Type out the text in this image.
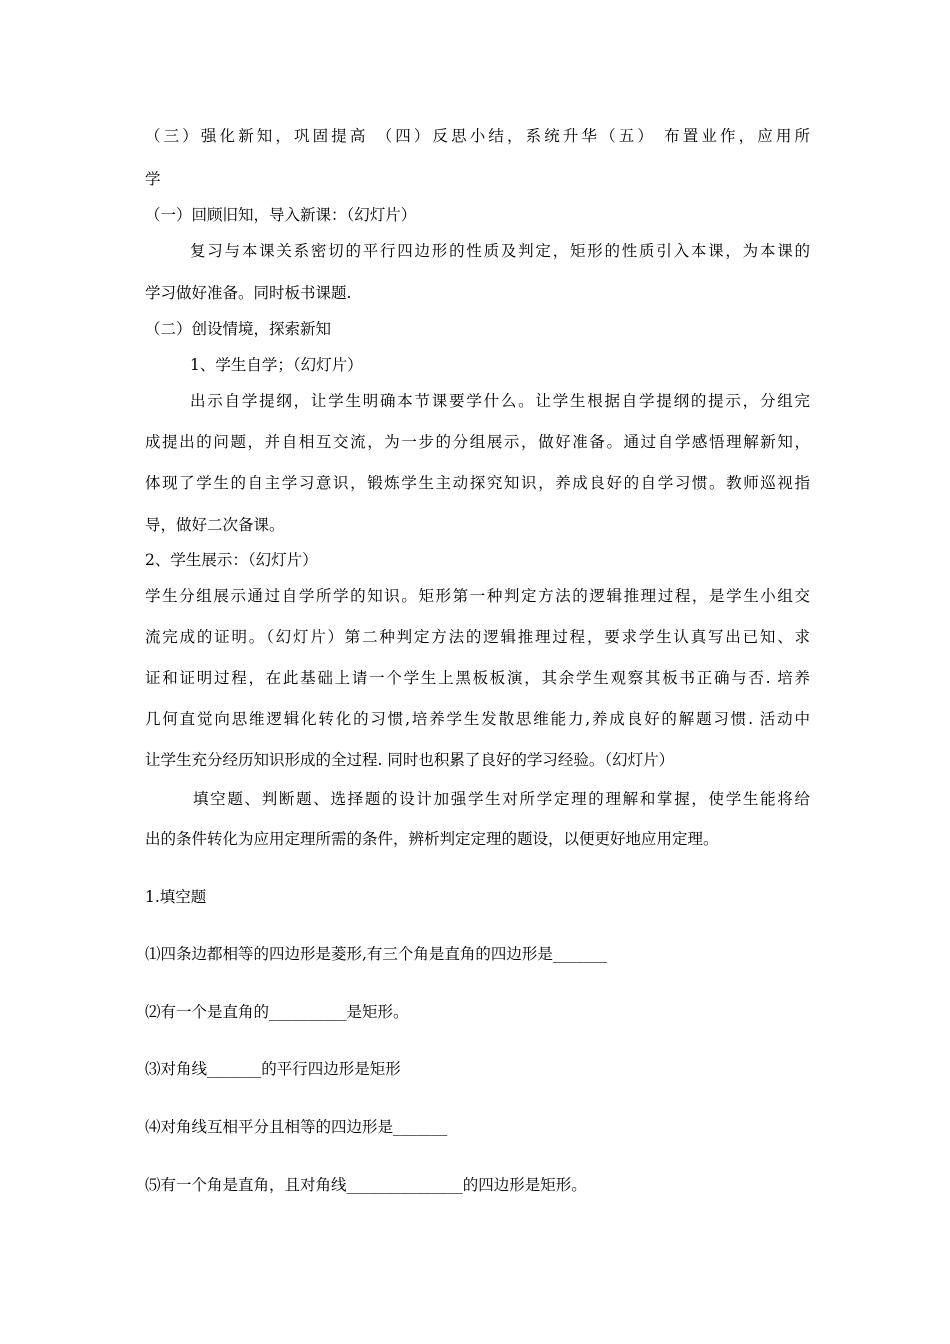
（三）强化新知，巩固提高 （四）反思小结，系统升华（五） 布置业作，应用所
学
（一）回顾旧知，导入新课：（幻灯片）
复习与本课关系密切的平行四边形的性质及判定，矩形的性质引入本课，为本课的
学习做好准备。同时板书课题.
（二）创设情境，探索新知
1、学生自学；（幻灯片）
出示自学提纲，让学生明确本节课要学什么。让学生根据自学提纲的提示，分组完
成提出的问题，并自相互交流，为一步的分组展示，做好准备。通过自学感悟理解新知，
体现了学生的自主学习意识，锻炼学生主动探究知识，养成良好的自学习惯。教师巡视指
导，做好二次备课。
2、学生展示：（幻灯片）
学生分组展示通过自学所学的知识。矩形第一种判定方法的逻辑推理过程，是学生小组交
流完成的证明。（幻灯片）第二种判定方法的逻辑推理过程，要求学生认真写出已知、求
证和证明过程，在此基础上请一个学生上黑板板演，其余学生观察其板书正确与否. 培养
几何直觉向思维逻辑化转化的习惯,培养学生发散思维能力,养成良好的解题习惯. 活动中
让学生充分经历知识形成的全过程. 同时也积累了良好的学习经验。（幻灯片）
填空题、判断题、选择题的设计加强学生对所学定理的理解和掌握，使学生能将给
出的条件转化为应用定理所需的条件，辨析判定定理的题设，以便更好地应用定理。
1.填空题
⑴四条边都相等的四边形是菱形,有三个角是直角的四边形是_______
⑵有一个是直角的__________是矩形。
⑶对角线_______的平行四边形是矩形
⑷对角线互相平分且相等的四边形是_______
⑸有一个角是直角，且对角线_______________的四边形是矩形。
